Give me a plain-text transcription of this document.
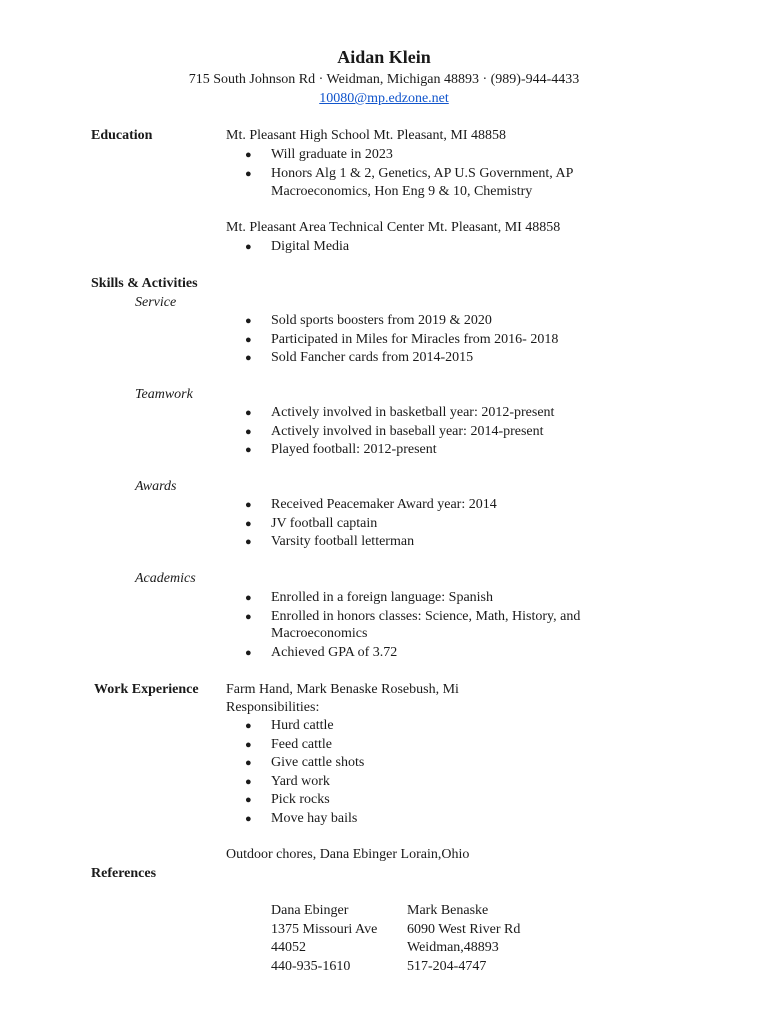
Aidan Klein
715 South Johnson Rd · Weidman, Michigan 48893 · (989)-944-4433
10080@mp.edzone.net
Education	Mt. Pleasant High School Mt. Pleasant, MI 48858
● Will graduate in 2023
● Honors Alg 1 & 2, Genetics, AP U.S Government, AP
Macroeconomics, Hon Eng 9 & 10, Chemistry
Mt. Pleasant Area Technical Center Mt. Pleasant, MI 48858
● Digital Media
Skills & Activities
Service
● Sold sports boosters from 2019 & 2020
● Participated in Miles for Miracles from 2016- 2018
● Sold Fancher cards from 2014-2015
Teamwork
● Actively involved in basketball year: 2012-present
● Actively involved in baseball year: 2014-present
● Played football: 2012-present
Awards
● Received Peacemaker Award year: 2014
● JV football captain
● Varsity football letterman
Academics
● Enrolled in a foreign language: Spanish
● Enrolled in honors classes: Science, Math, History, and
Macroeconomics
● Achieved GPA of 3.72
Work Experience Farm Hand, Mark Benaske Rosebush, Mi
Responsibilities:
● Hurd cattle
● Feed cattle
● Give cattle shots
● Yard work
● Pick rocks
● Move hay bails
Outdoor chores, Dana Ebinger Lorain,Ohio
References
Dana Ebinger
1375 Missouri Ave
44052
440-935-1610
Mark Benaske
6090 West River Rd
Weidman,48893
517-204-4747
